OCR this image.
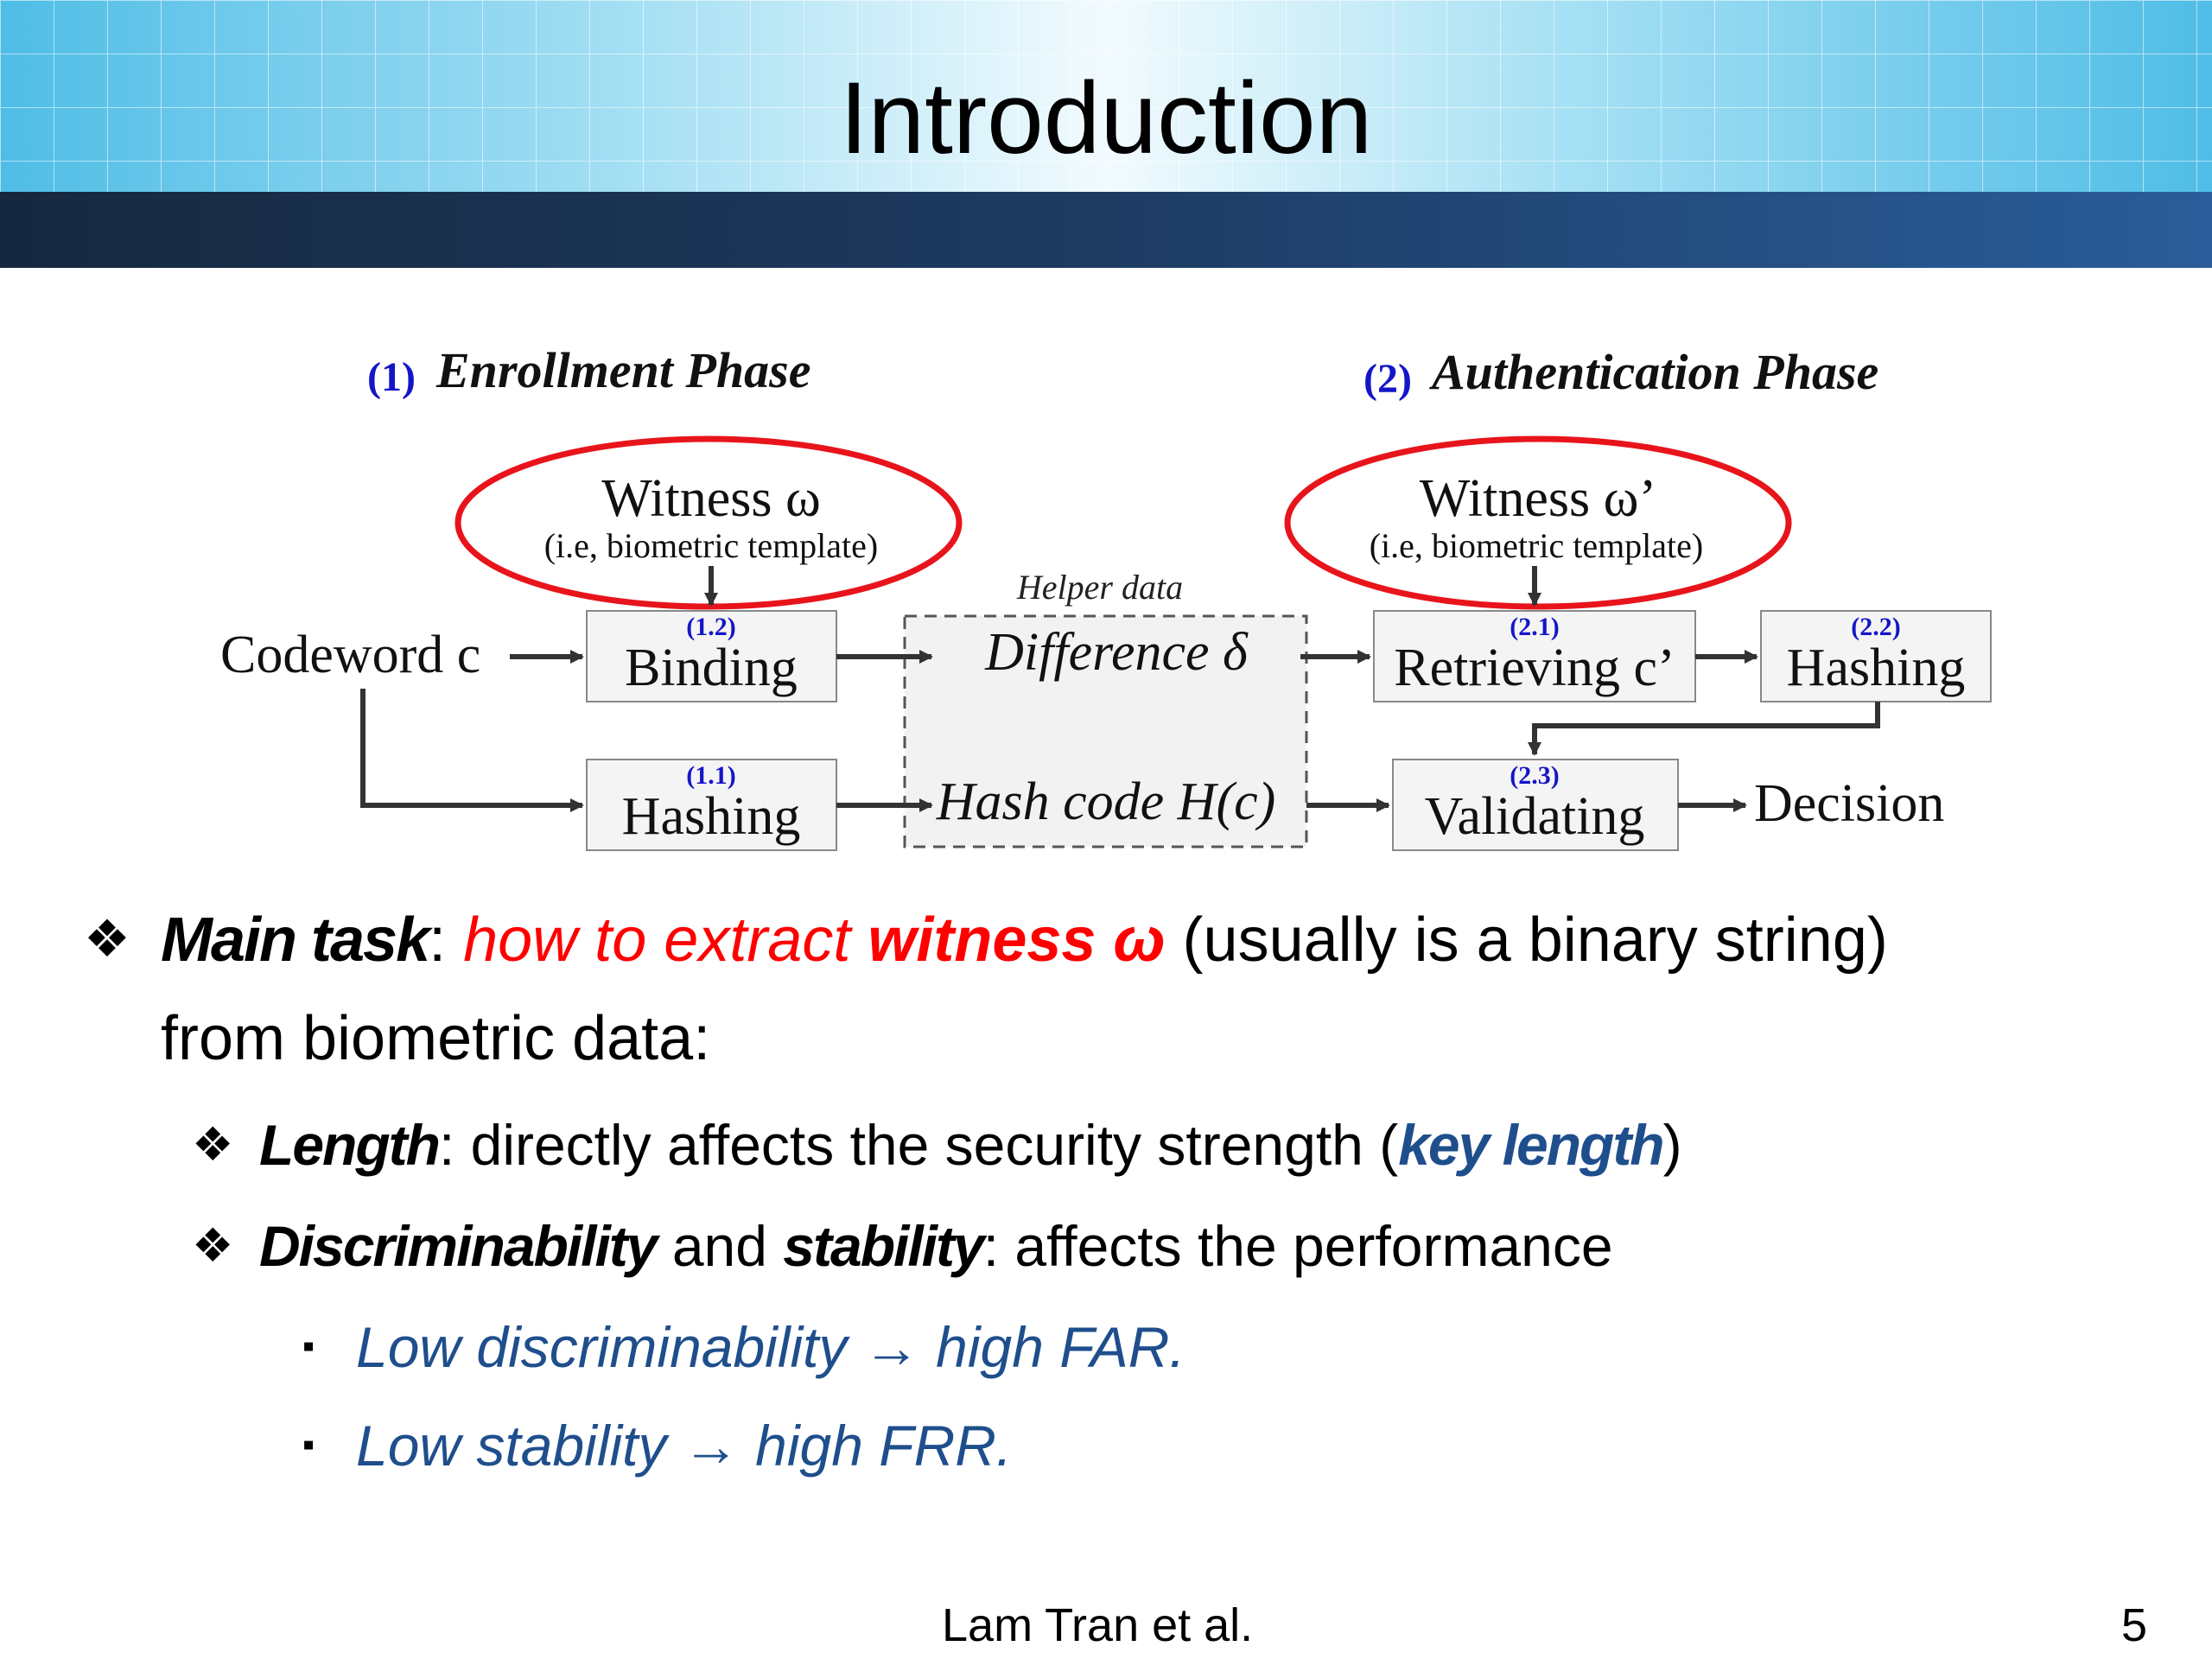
Introduction
(1) Enrollment Phase	(2) Authentication Phase
Helper data
(1.2)
(1.1)
(2.1)	(2.2)
(2.3)
Binding
Hashing
Retrieving c’ Hashing
Validating
Difference δ
Hash code H(c)
Codeword c
Decision
Witness ω
(i.e, biometric template)
Witness ω’
(i.e, biometric template)
❖ Main task: how to extract witness ω (usually is a binary string)
from biometric data:
❖ Length: directly affects the security strength (key length)
❖ Discriminability and stability: affects the performance
▪ Low discriminability → high FAR.
▪ Low stability → high FRR.
Lam Tran et al.	5
